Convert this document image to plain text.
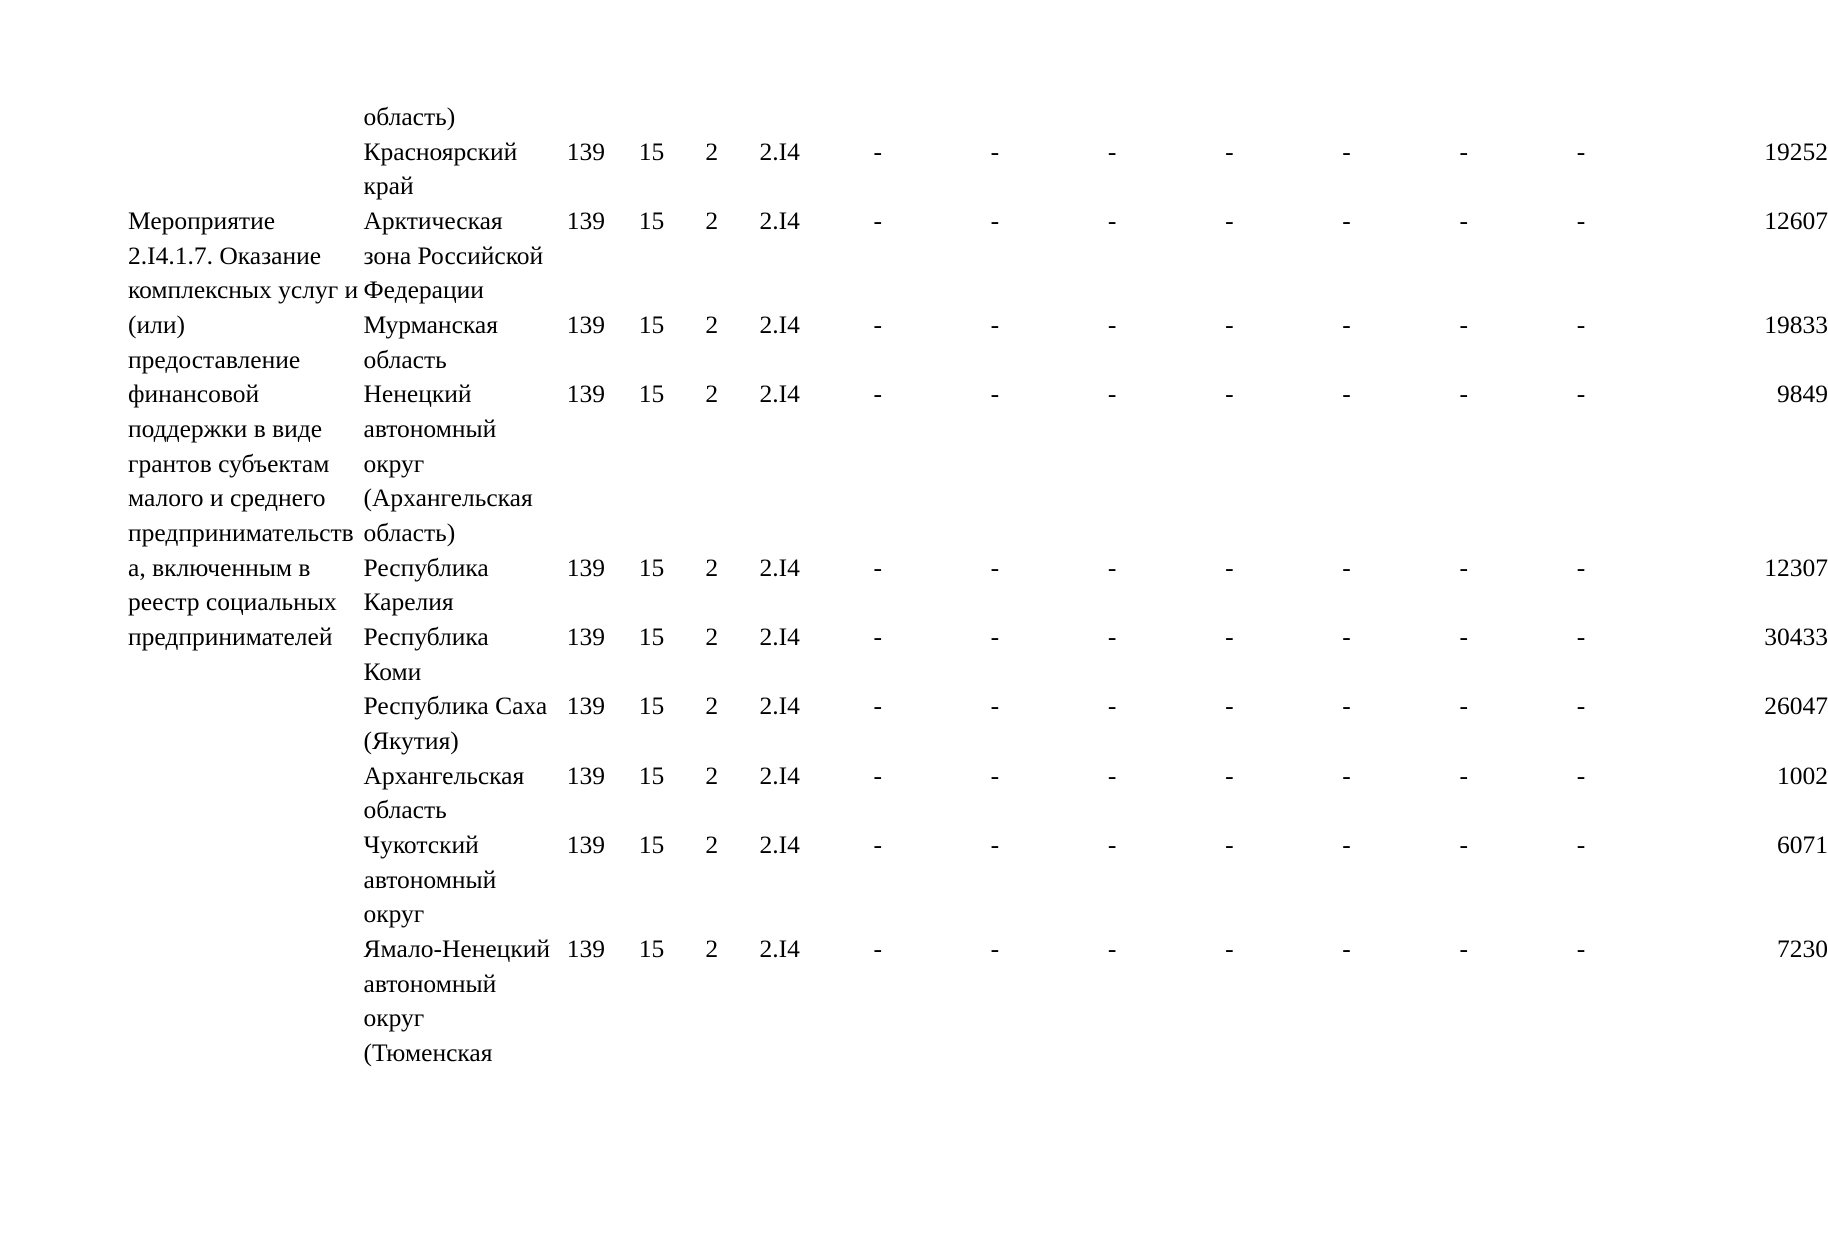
	область)												

	Красноярский край	139	15	2	2.I4	-	-	-	-	-	-	-	19252

Мероприятие 2.I4.1.7. Оказание комплексных услуг и (или) предоставление финансовой поддержки в виде грантов субъектам малого и среднего предпринимательств а, включенным в реестр социальных предпринимателей	Арктическая зона Российской Федерации	139	15	2	2.I4	-	-	-	-	-	-	-	12607

	Мурманская область	139	15	2	2.I4	-	-	-	-	-	-	-	19833

	Ненецкий автономный округ (Архангельская область)	139	15	2	2.I4	-	-	-	-	-	-	-	9849

	Республика Карелия	139	15	2	2.I4	-	-	-	-	-	-	-	12307

	Республика Коми	139	15	2	2.I4	-	-	-	-	-	-	-	30433

	Республика Саха (Якутия)	139	15	2	2.I4	-	-	-	-	-	-	-	26047

	Архангельская область	139	15	2	2.I4	-	-	-	-	-	-	-	1002

	Чукотский автономный округ	139	15	2	2.I4	-	-	-	-	-	-	-	6071

	Ямало-Ненецкий автономный округ (Тюменская	139	15	2	2.I4	-	-	-	-	-	-	-	7230
